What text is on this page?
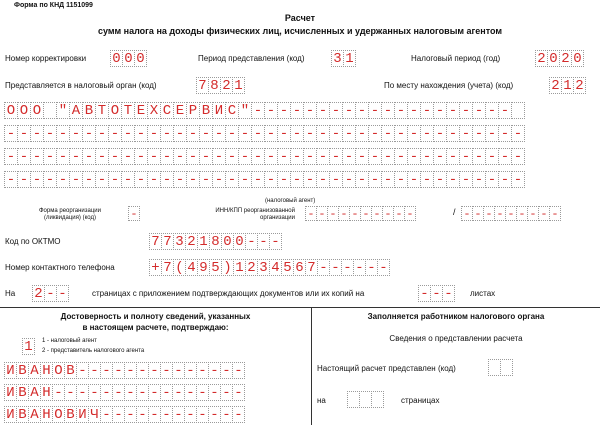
Форма по КНД 1151099
Расчет
сумм налога на доходы физических лиц, исчисленных и удержанных налоговым агентом
Номер корректировки 0 0 0	Период представления (код) 3 1	Налоговый период (год)	2 0 2 0
Представляется в налоговый орган (код)	7 8 2 1	По месту нахождения (учета) (код)	2 1 2
О О О " А В Т О Т Е Х С Е Р В И С " - - - - - - - - - - - - - - - - - - - -
- - - - - - - - - - - - - - - - - - - - - - - - - - - - - - - - - - - - - - - -
- - - - - - - - - - - - - - - - - - - - - - - - - - - - - - - - - - - - - - - -
- - - - - - - - - - - - - - - - - - - - - - - - - - - - - - - - - - - - - - - -
Форма реорганизации
(ликвидация) (код)	-
(налоговый агент)
ИНН/КПП реорганизованной
организации - - - - - - - - - -	/ - - - - - - - - -
Код по ОКТМО	7 7 3 2 1 8 0 0 - - -
Номер контактного телефона	+ 7 ( 4 9 5 ) 1 2 3 4 5 6 7 - - - - - -
На 2 - -	страницах с приложением подтверждающих документов или их копий на	- - - листах
Достоверность и полноту сведений, указанных
в настоящем расчете, подтверждаю:
1	1 - налоговый агент
2 - представитель налогового агента
И В А Н О В - - - - - - - - - - - - - -
И В А Н - - - - - - - - - - - - - - - -
И В А Н О В И Ч - - - - - - - - - - - -
Заполняется работником налогового органа
Сведения о представлении расчета
Настоящий расчет представлен (код)
на	страницах
